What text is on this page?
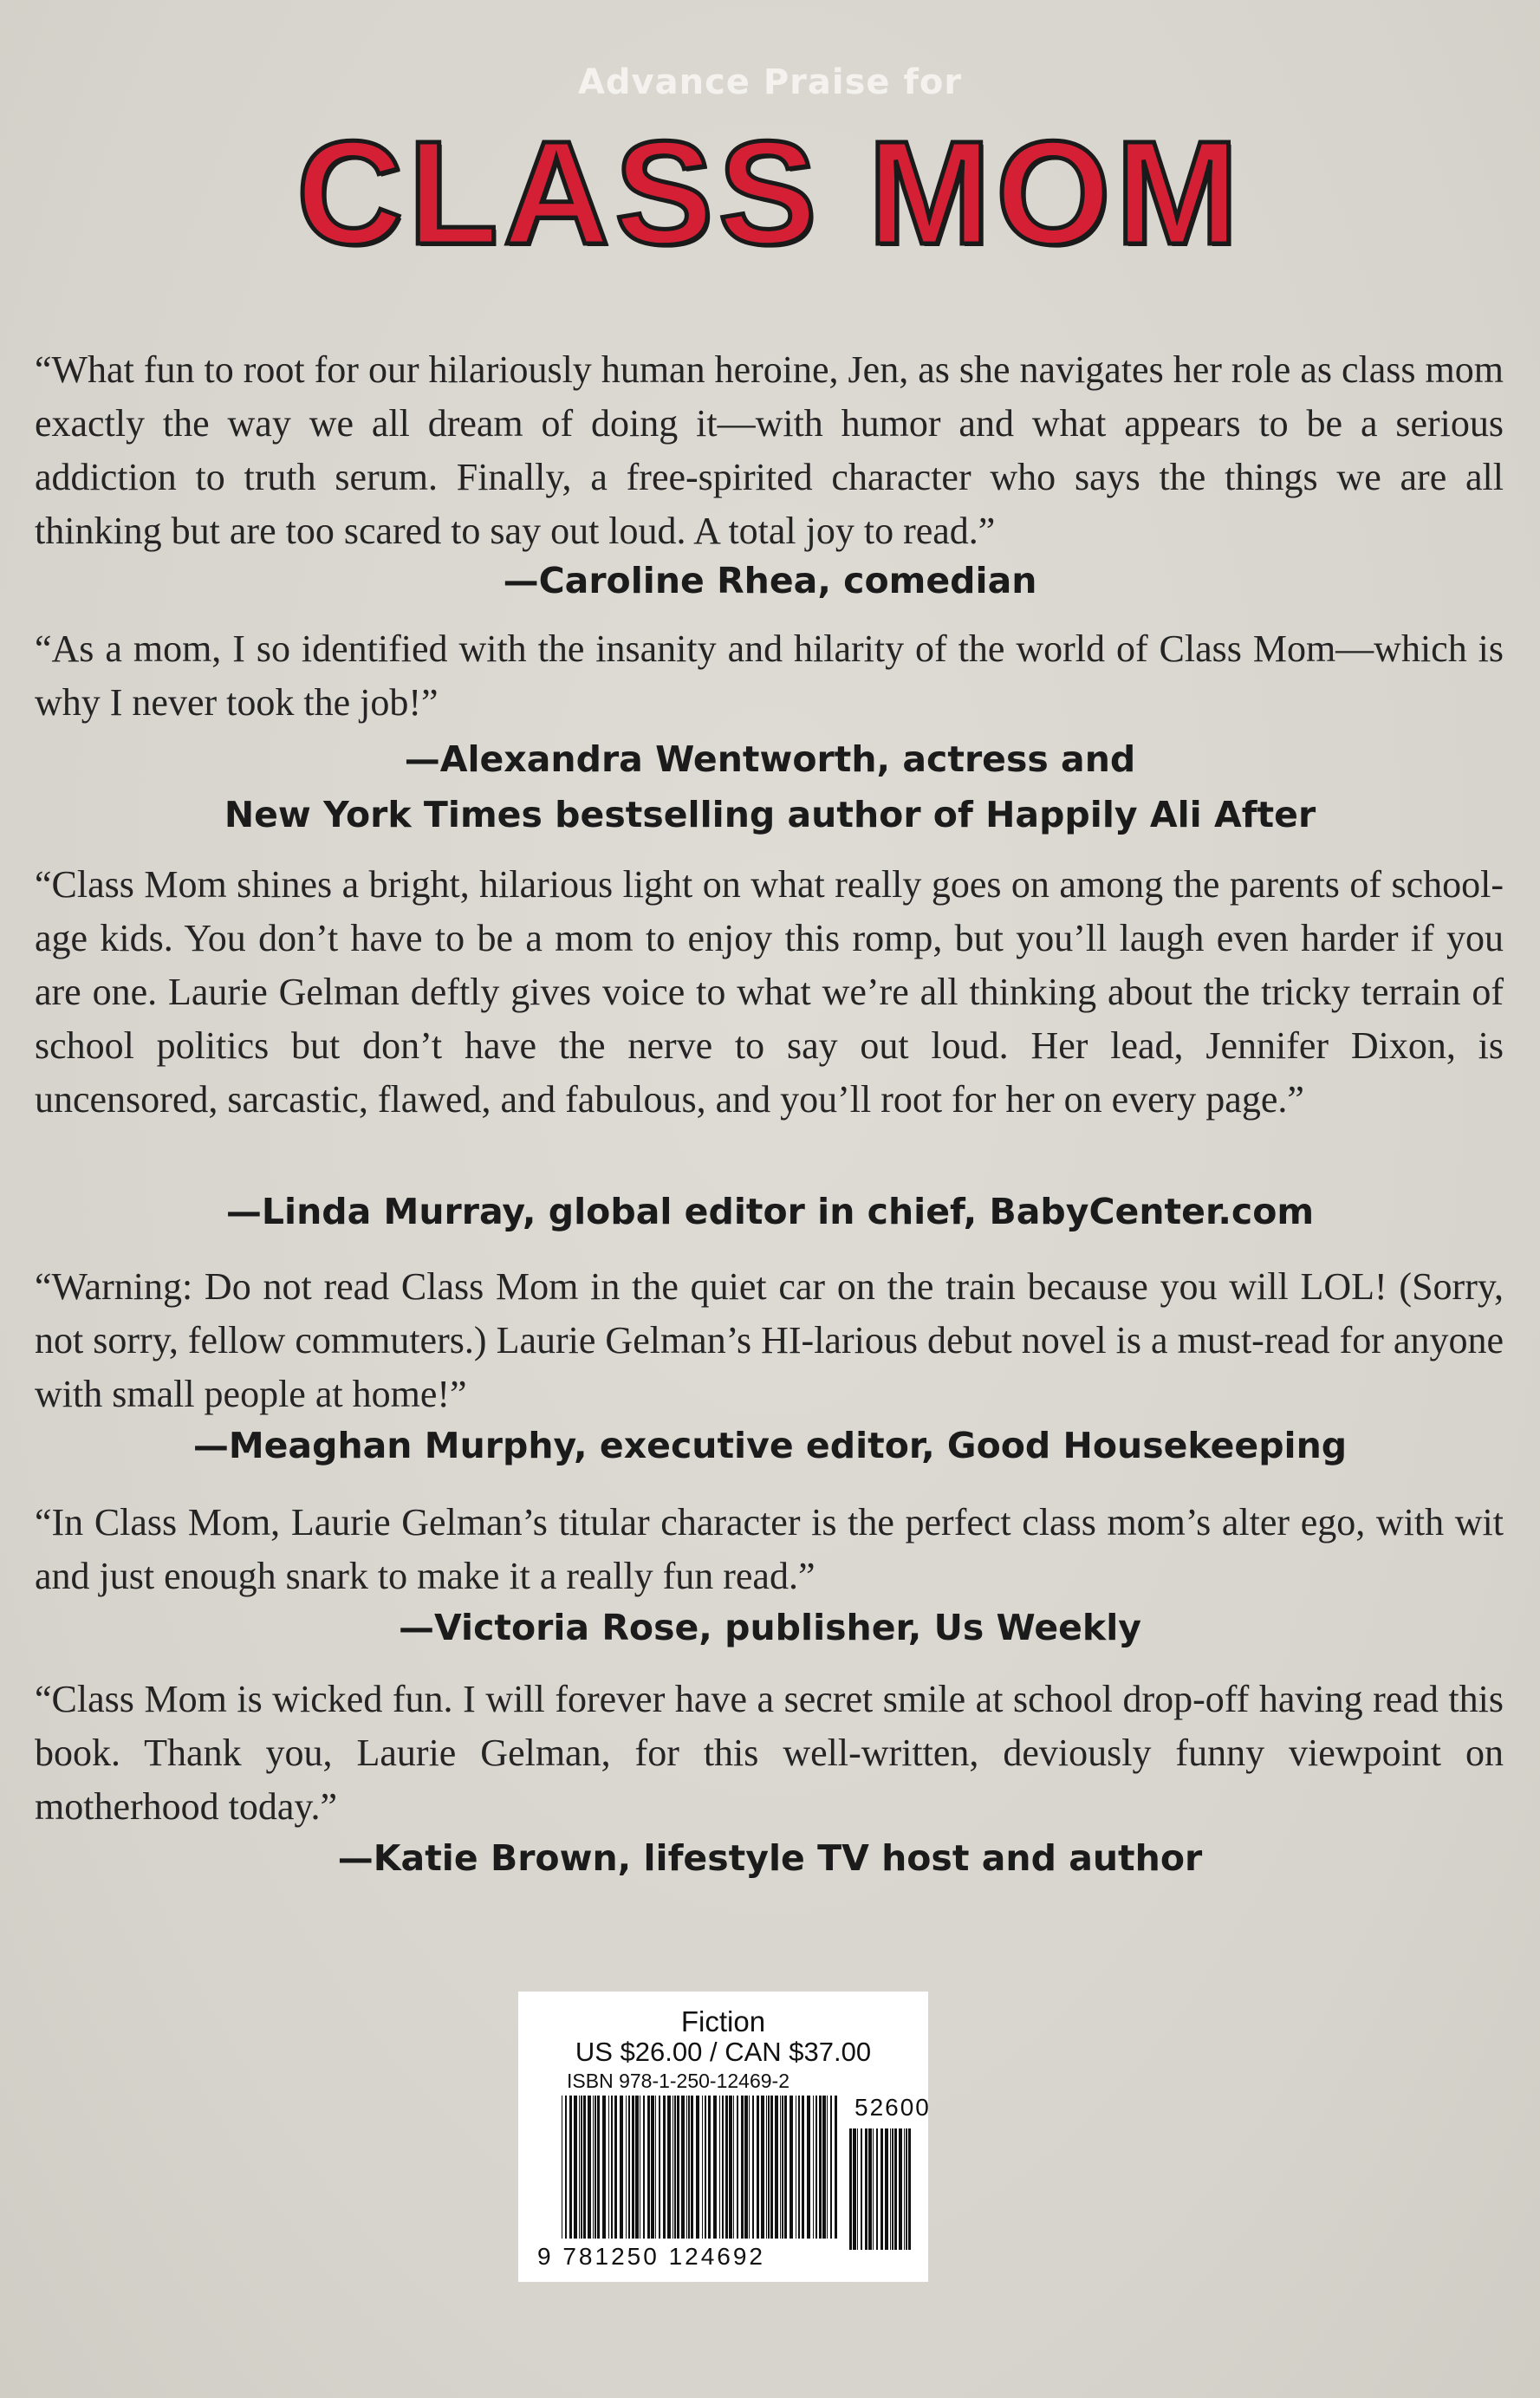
Advance Praise for
CLASS MOM

“What fun to root for our hilariously human heroine, Jen, as she navigates her role as class mom exactly the way we all dream of doing it—with humor and what appears to be a serious addiction to truth serum. Finally, a free-spirited character who says the things we are all thinking but are too scared to say out loud. A total joy to read.”

—Caroline Rhea, comedian

“As a mom, I so identified with the insanity and hilarity of the world of Class Mom—which is why I never took the job!”

—Alexandra Wentworth, actress and

New York Times bestselling author of Happily Ali After

“Class Mom shines a bright, hilarious light on what really goes on among the parents of school-age kids. You don’t have to be a mom to enjoy this romp, but you’ll laugh even harder if you are one. Laurie Gelman deftly gives voice to what we’re all thinking about the tricky terrain of school politics but don’t have the nerve to say out loud. Her lead, Jennifer Dixon, is uncensored, sarcastic, flawed, and fabulous, and you’ll root for her on every page.”

—Linda Murray, global editor in chief, BabyCenter.com

“Warning: Do not read Class Mom in the quiet car on the train because you will LOL! (Sorry, not sorry, fellow commuters.) Laurie Gelman’s HI-larious debut novel is a must-read for anyone with small people at home!”

—Meaghan Murphy, executive editor, Good Housekeeping

“In Class Mom, Laurie Gelman’s titular character is the perfect class mom’s alter ego, with wit and just enough snark to make it a really fun read.”

—Victoria Rose, publisher, Us Weekly

“Class Mom is wicked fun. I will forever have a secret smile at school drop-off having read this book. Thank you, Laurie Gelman, for this well-written, deviously funny viewpoint on motherhood today.”

—Katie Brown, lifestyle TV host and author

Fiction
US $26.00 / CAN $37.00
ISBN 978-1-250-12469-2
52600
9 781250 124692
